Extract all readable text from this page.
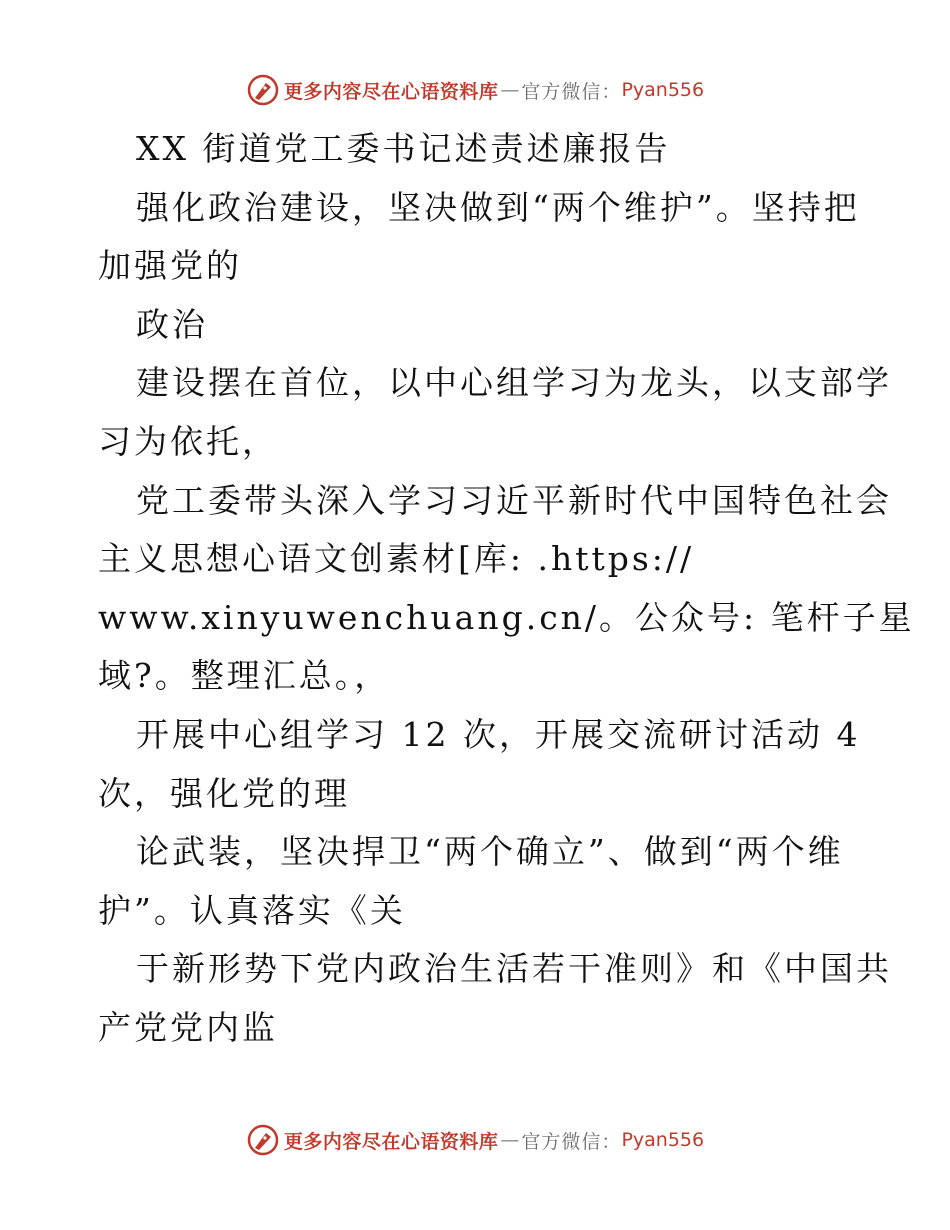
更多内容尽在心语资料库 — 官方微信： Pyan556
XX 街道党工委书记述责述廉报告
强化政治建设，坚决做到“两个维护”。坚持把
加强党的
政治
建设摆在首位，以中心组学习为龙头，以支部学
习为依托，
党工委带头深入学习习近平新时代中国特色社会
主义思想心语文创素材[库: .https://
www.xinyuwenchuang.cn/。公众号: 笔杆子星
域?。整理汇总。，
开展中心组学习 12 次，开展交流研讨活动 4
次，强化党的理
论武装，坚决捍卫“两个确立”、做到“两个维
护”。认真落实《关
于新形势下党内政治生活若干准则》和《中国共
产党党内监
更多内容尽在心语资料库 — 官方微信： Pyan556
